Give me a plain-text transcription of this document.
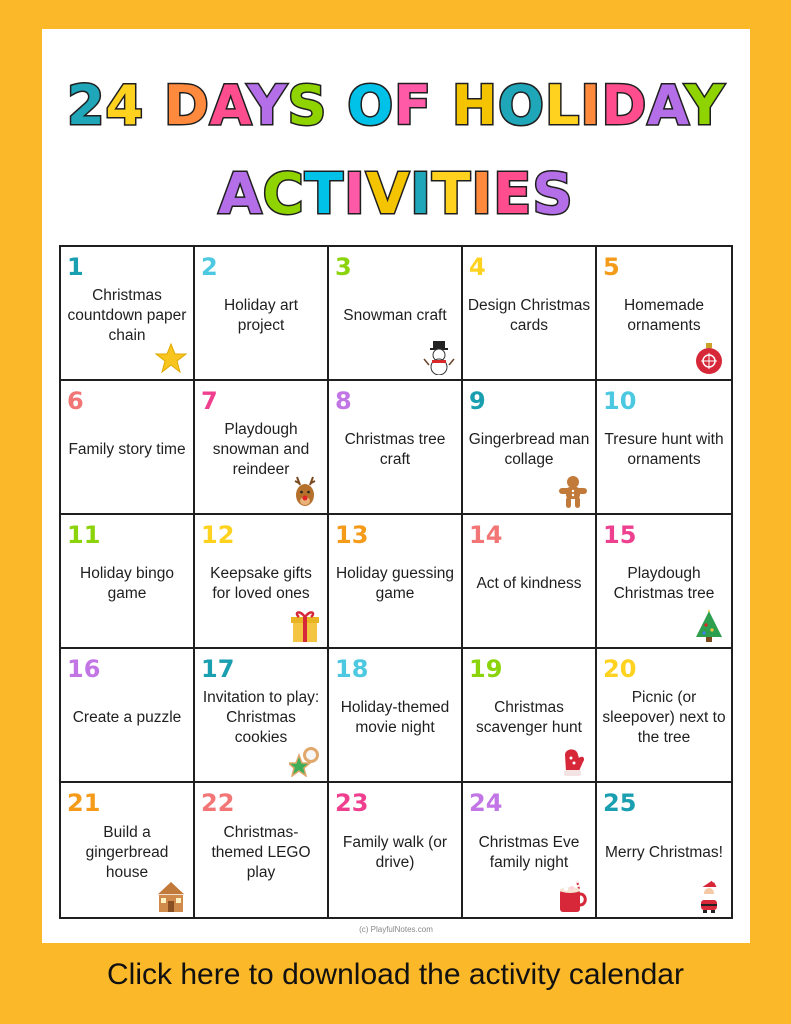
24 DAYS OF HOLIDAY
ACTIVITIES
1
Christmas countdown paper chain
2
Holiday art project
3
Snowman craft
4
Design Christmas cards
5
Homemade ornaments
6
Family story time
7
Playdough snowman and reindeer
8
Christmas tree craft
9
Gingerbread man collage
10
Tresure hunt with ornaments
11
Holiday bingo game
12
Keepsake gifts for loved ones
13
Holiday guessing game
14
Act of kindness
15
Playdough Christmas tree
16
Create a puzzle
17
Invitation to play: Christmas cookies
18
Holiday-themed movie night
19
Christmas scavenger hunt
20
Picnic (or sleepover) next to the tree
21
Build a gingerbread house
22
Christmas-themed LEGO play
23
Family walk (or drive)
24
Christmas Eve family night
25
Merry Christmas!
(c) PlayfulNotes.com
Click here to download the activity calendar
